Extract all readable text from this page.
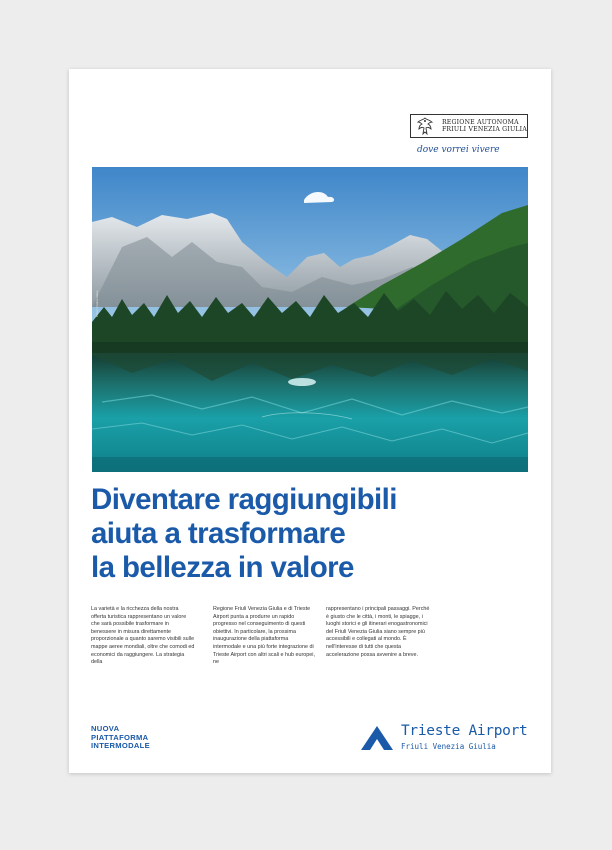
REGIONE AUTONOMA
FRIULI VENEZIA GIULIA
dove vorrei vivere
Photo: Fusine lakes
Diventare raggiungibili
aiuta a trasformare
la bellezza in valore
La varietà e la ricchezza della nostra offerta turistica rappresentano un valore che sarà possibile trasformare in benessere in misura direttamente proporzionale a quanto saremo visibili sulle mappe aeree mondiali, oltre che comodi ed economici da raggiungere. La strategia della
Regione Friuli Venezia Giulia e di Trieste Airport punta a produrre un rapido progresso nel conseguimento di questi obiettivi. In particolare, la prossima inaugurazione della piattaforma intermodale e una più forte integrazione di Trieste Airport con altri scali e hub europei, ne
rappresentano i principali passaggi. Perché è giusto che le città, i monti, le spiagge, i luoghi storici e gli itinerari enogastronomici del Friuli Venezia Giulia siano sempre più accessibili e collegati al mondo. È nell'interesse di tutti che questa accelerazione possa avvenire a breve.
NUOVA
PIATTAFORMA
INTERMODALE
Trieste Airport
Friuli Venezia Giulia
